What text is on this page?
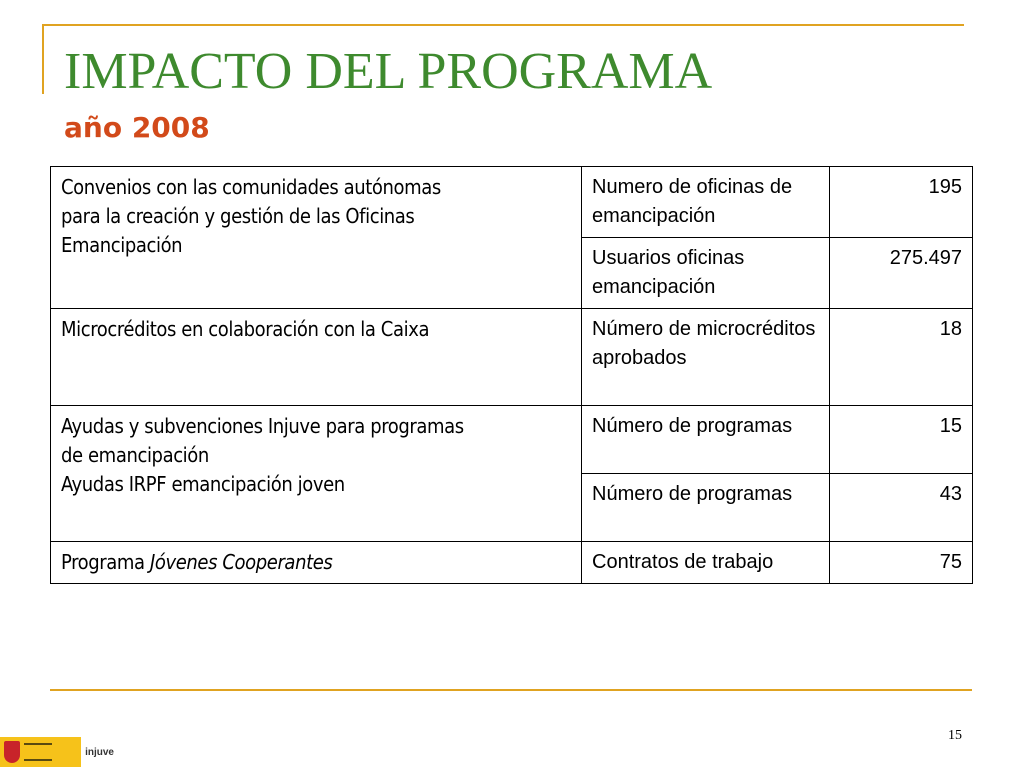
IMPACTO DEL PROGRAMA
año 2008
Convenios con las comunidades autónomas
para la creación y gestión de las Oficinas
Emancipación	Numero de oficinas de emancipación	195
	Usuarios oficinas emancipación	275.497

Microcréditos en colaboración con la Caixa	Número de microcréditos aprobados	18

Ayudas y subvenciones Injuve para programas
de emancipación
Ayudas IRPF emancipación joven	Número de programas	15
	Número de programas	43
Programa Jóvenes Cooperantes	Contratos de trabajo	75
15
injuve
